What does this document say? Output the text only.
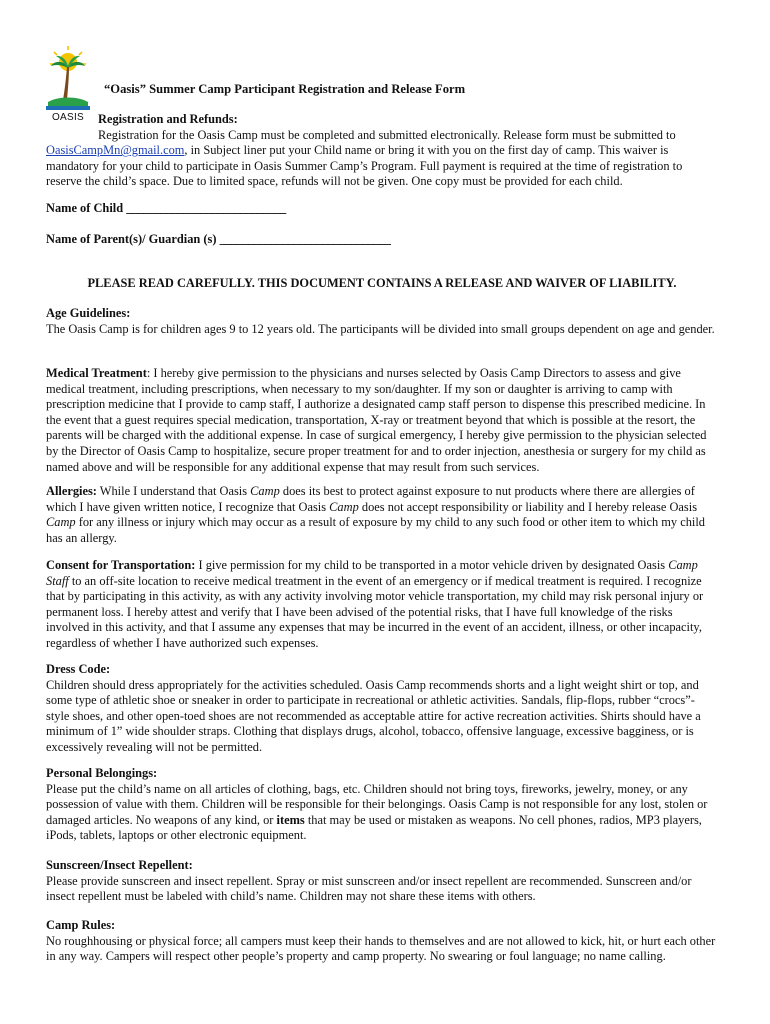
OASIS
“Oasis” Summer Camp Participant Registration and Release Form

Registration and Refunds:

Registration for the Oasis Camp must be completed and submitted electronically. Release form must be submitted to OasisCampMn@gmail.com, in Subject liner put your Child name or bring it with you on the first day of camp. This waiver is mandatory for your child to participate in Oasis Summer Camp’s Program. Full payment is required at the time of registration to reserve the child’s space. Due to limited space, refunds will not be given. One copy must be provided for each child.

Name of Child ____________________________

Name of Parent(s)/ Guardian (s) ______________________________

PLEASE READ CAREFULLY. THIS DOCUMENT CONTAINS A RELEASE AND WAIVER OF LIABILITY.

Age Guidelines:

The Oasis Camp is for children ages 9 to 12 years old. The participants will be divided into small groups dependent on age and gender.

Medical Treatment: I hereby give permission to the physicians and nurses selected by Oasis Camp Directors to assess and give medical treatment, including prescriptions, when necessary to my son/daughter. If my son or daughter is arriving to camp with prescription medicine that I provide to camp staff, I authorize a designated camp staff person to dispense this prescribed medicine. In the event that a guest requires special medication, transportation, X-ray or treatment beyond that which is possible at the resort, the parents will be charged with the additional expense. In case of surgical emergency, I hereby give permission to the physician selected by the Director of Oasis Camp to hospitalize, secure proper treatment for and to order injection, anesthesia or surgery for my child as named above and will be responsible for any additional expense that may result from such services.

Allergies: While I understand that Oasis Camp does its best to protect against exposure to nut products where there are allergies of which I have given written notice, I recognize that Oasis Camp does not accept responsibility or liability and I hereby release Oasis Camp for any illness or injury which may occur as a result of exposure by my child to any such food or other item to which my child has an allergy.

Consent for Transportation: I give permission for my child to be transported in a motor vehicle driven by designated Oasis Camp Staff to an off-site location to receive medical treatment in the event of an emergency or if medical treatment is required. I recognize that by participating in this activity, as with any activity involving motor vehicle transportation, my child may risk personal injury or permanent loss. I hereby attest and verify that I have been advised of the potential risks, that I have full knowledge of the risks involved in this activity, and that I assume any expenses that may be incurred in the event of an accident, illness, or other incapacity, regardless of whether I have authorized such expenses.

Dress Code:

Children should dress appropriately for the activities scheduled. Oasis Camp recommends shorts and a light weight shirt or top, and some type of athletic shoe or sneaker in order to participate in recreational or athletic activities. Sandals, flip-flops, rubber “crocs”-style shoes, and other open-toed shoes are not recommended as acceptable attire for active recreation activities. Shirts should have a minimum of 1” wide shoulder straps. Clothing that displays drugs, alcohol, tobacco, offensive language, excessive bagginess, or is excessively revealing will not be permitted.

Personal Belongings:

Please put the child’s name on all articles of clothing, bags, etc. Children should not bring toys, fireworks, jewelry, money, or any possession of value with them. Children will be responsible for their belongings. Oasis Camp is not responsible for any lost, stolen or damaged articles. No weapons of any kind, or items that may be used or mistaken as weapons. No cell phones, radios, MP3 players, iPods, tablets, laptops or other electronic equipment.

Sunscreen/Insect Repellent:

Please provide sunscreen and insect repellent. Spray or mist sunscreen and/or insect repellent are recommended. Sunscreen and/or insect repellent must be labeled with child’s name. Children may not share these items with others.

Camp Rules:

No roughhousing or physical force; all campers must keep their hands to themselves and are not allowed to kick, hit, or hurt each other in any way. Campers will respect other people’s property and camp property. No swearing or foul language; no name calling.
